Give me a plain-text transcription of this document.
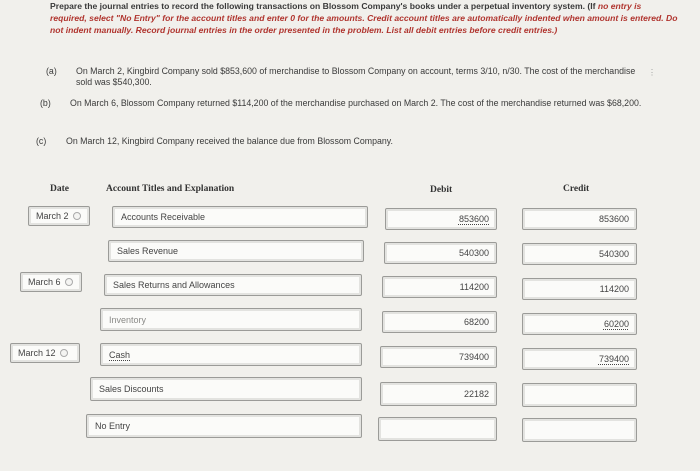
Prepare the journal entries to record the following transactions on Blossom Company's books under a perpetual inventory system. (If no entry is required, select "No Entry" for the account titles and enter 0 for the amounts. Credit account titles are automatically indented when amount is entered. Do not indent manually. Record journal entries in the order presented in the problem. List all debit entries before credit entries.)
(a) On March 2, Kingbird Company sold $853,600 of merchandise to Blossom Company on account, terms 3/10, n/30. The cost of the merchandise sold was $540,300.
⋮
(b) On March 6, Blossom Company returned $114,200 of the merchandise purchased on March 2. The cost of the merchandise returned was $68,200.
(c) On March 12, Kingbird Company received the balance due from Blossom Company.
Date	Account Titles and Explanation	Debit	Credit
March 2	Accounts Receivable	853600	853600
Sales Revenue	540300	540300
March 6	Sales Returns and Allowances	114200	114200
Inventory	68200	60200
March 12	Cash	739400	739400
Sales Discounts	22182
No Entry
